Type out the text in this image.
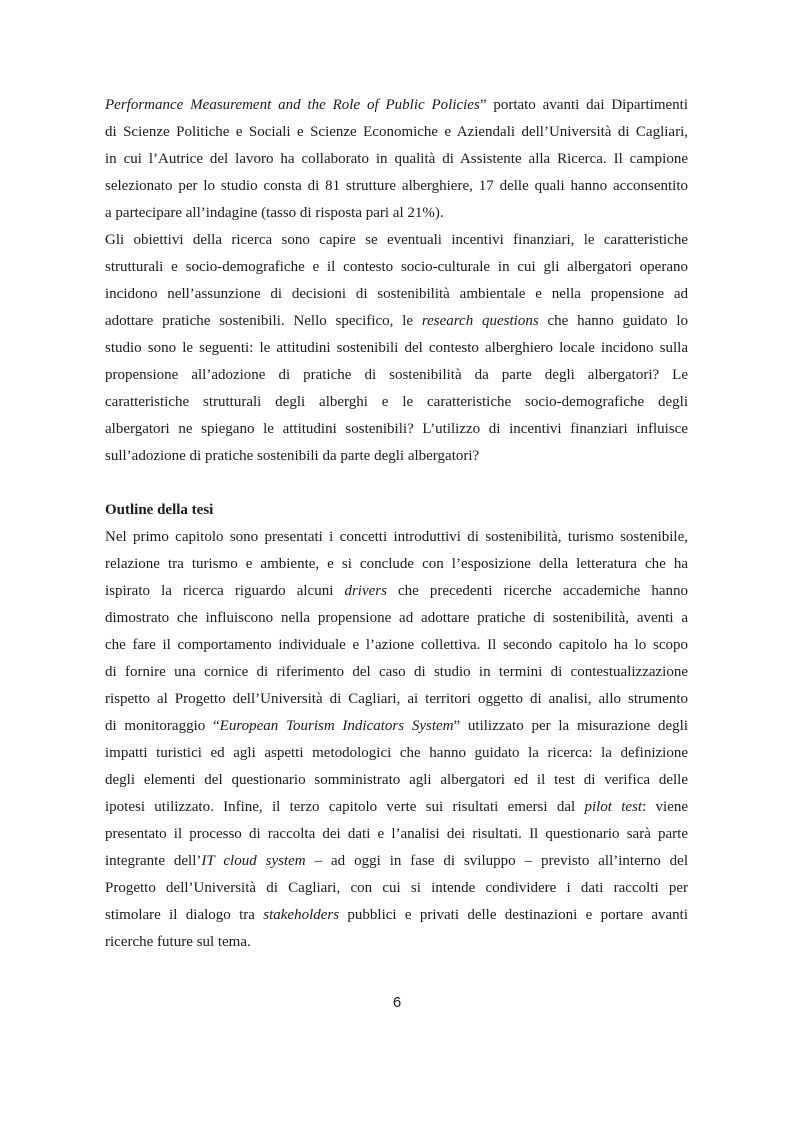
Performance Measurement and the Role of Public Policies” portato avanti dai Dipartimenti
di Scienze Politiche e Sociali e Scienze Economiche e Aziendali dell’Università di Cagliari,
in cui l’Autrice del lavoro ha collaborato in qualità di Assistente alla Ricerca. Il campione
selezionato per lo studio consta di 81 strutture alberghiere, 17 delle quali hanno acconsentito
a partecipare all’indagine (tasso di risposta pari al 21%).
Gli obiettivi della ricerca sono capire se eventuali incentivi finanziari, le caratteristiche
strutturali e socio-demografiche e il contesto socio-culturale in cui gli albergatori operano
incidono nell’assunzione di decisioni di sostenibilità ambientale e nella propensione ad
adottare pratiche sostenibili. Nello specifico, le research questions che hanno guidato lo
studio sono le seguenti: le attitudini sostenibili del contesto alberghiero locale incidono sulla
propensione all’adozione di pratiche di sostenibilità da parte degli albergatori? Le
caratteristiche strutturali degli alberghi e le caratteristiche socio-demografiche degli
albergatori ne spiegano le attitudini sostenibili? L’utilizzo di incentivi finanziari influisce
sull’adozione di pratiche sostenibili da parte degli albergatori?
Outline della tesi
Nel primo capitolo sono presentati i concetti introduttivi di sostenibilità, turismo sostenibile,
relazione tra turismo e ambiente, e si conclude con l’esposizione della letteratura che ha
ispirato la ricerca riguardo alcuni drivers che precedenti ricerche accademiche hanno
dimostrato che influiscono nella propensione ad adottare pratiche di sostenibilità, aventi a
che fare il comportamento individuale e l’azione collettiva. Il secondo capitolo ha lo scopo
di fornire una cornice di riferimento del caso di studio in termini di contestualizzazione
rispetto al Progetto dell’Università di Cagliari, ai territori oggetto di analisi, allo strumento
di monitoraggio “European Tourism Indicators System” utilizzato per la misurazione degli
impatti turistici ed agli aspetti metodologici che hanno guidato la ricerca: la definizione
degli elementi del questionario somministrato agli albergatori ed il test di verifica delle
ipotesi utilizzato. Infine, il terzo capitolo verte sui risultati emersi dal pilot test: viene
presentato il processo di raccolta dei dati e l’analisi dei risultati. Il questionario sarà parte
integrante dell’IT cloud system – ad oggi in fase di sviluppo – previsto all’interno del
Progetto dell’Università di Cagliari, con cui si intende condividere i dati raccolti per
stimolare il dialogo tra stakeholders pubblici e privati delle destinazioni e portare avanti
ricerche future sul tema.
6
